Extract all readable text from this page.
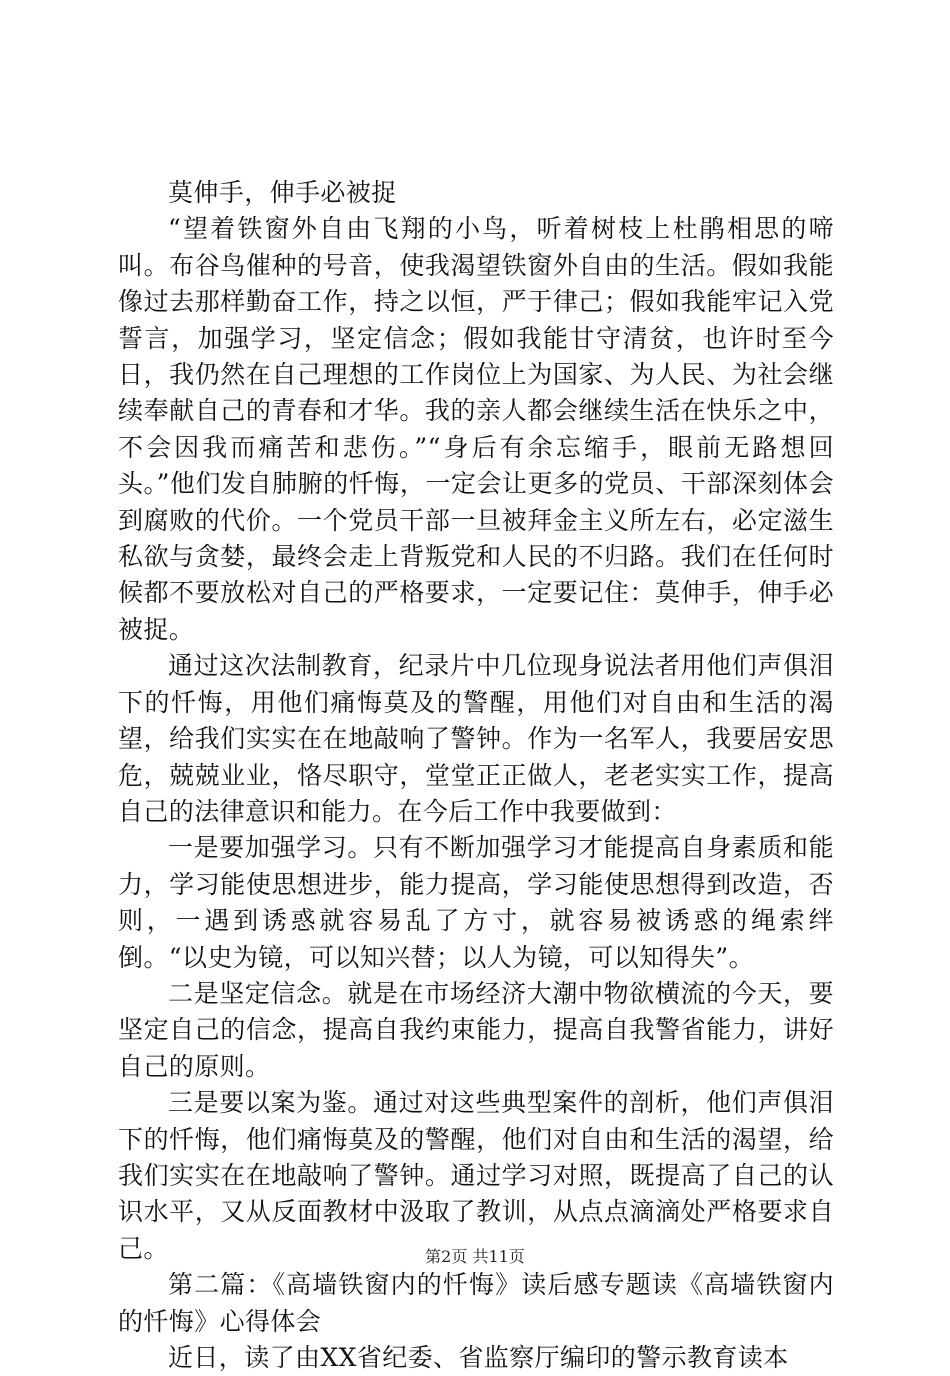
莫伸手，伸手必被捉

“望着铁窗外自由飞翔的小鸟，听着树枝上杜鹃相思的啼叫。布谷鸟催种的号音，使我渴望铁窗外自由的生活。假如我能像过去那样勤奋工作，持之以恒，严于律己；假如我能牢记入党誓言，加强学习，坚定信念；假如我能甘守清贫，也许时至今日，我仍然在自己理想的工作岗位上为国家、为人民、为社会继续奉献自己的青春和才华。我的亲人都会继续生活在快乐之中，不会因我而痛苦和悲伤。”“身后有余忘缩手，眼前无路想回头。”他们发自肺腑的忏悔，一定会让更多的党员、干部深刻体会到腐败的代价。一个党员干部一旦被拜金主义所左右，必定滋生私欲与贪婪，最终会走上背叛党和人民的不归路。我们在任何时候都不要放松对自己的严格要求，一定要记住：莫伸手，伸手必被捉。

通过这次法制教育，纪录片中几位现身说法者用他们声俱泪下的忏悔，用他们痛悔莫及的警醒，用他们对自由和生活的渴望，给我们实实在在地敲响了警钟。作为一名军人，我要居安思危，兢兢业业，恪尽职守，堂堂正正做人，老老实实工作，提高自己的法律意识和能力。在今后工作中我要做到：

一是要加强学习。只有不断加强学习才能提高自身素质和能力，学习能使思想进步，能力提高，学习能使思想得到改造，否则，一遇到诱惑就容易乱了方寸，就容易被诱惑的绳索绊倒。“以史为镜，可以知兴替；以人为镜，可以知得失”。

二是坚定信念。就是在市场经济大潮中物欲横流的今天，要坚定自己的信念，提高自我约束能力，提高自我警省能力，讲好自己的原则。

三是要以案为鉴。通过对这些典型案件的剖析，他们声俱泪下的忏悔，他们痛悔莫及的警醒，他们对自由和生活的渴望，给我们实实在在地敲响了警钟。通过学习对照，既提高了自己的认识水平，又从反面教材中汲取了教训，从点点滴滴处严格要求自己。

第二篇：《高墙铁窗内的忏悔》读后感专题读《高墙铁窗内的忏悔》心得体会

近日，读了由XX省纪委、省监察厅编印的警示教育读本

第2页 共11页
